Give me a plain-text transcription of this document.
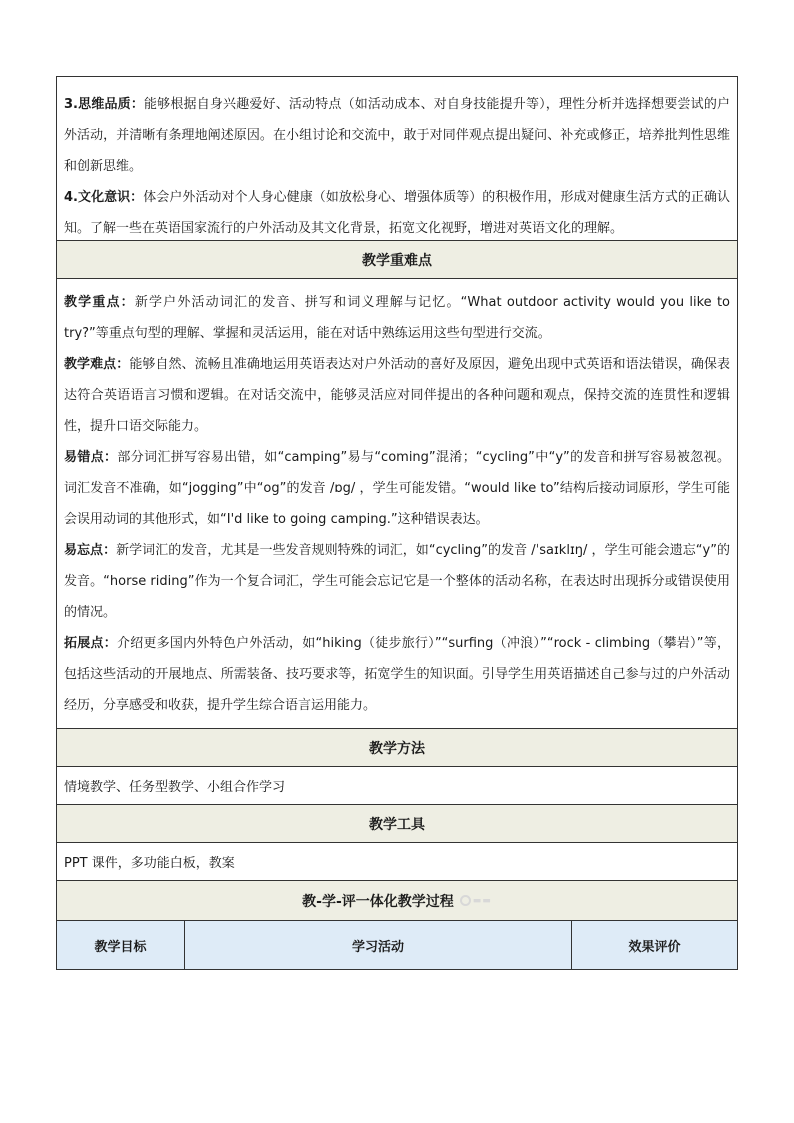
3.思维品质：能够根据自身兴趣爱好、活动特点（如活动成本、对自身技能提升等），理性分析并选择想要尝试的户外活动，并清晰有条理地阐述原因。在小组讨论和交流中，敢于对同伴观点提出疑问、补充或修正，培养批判性思维和创新思维。

4.文化意识：体会户外活动对个人身心健康（如放松身心、增强体质等）的积极作用，形成对健康生活方式的正确认知。了解一些在英语国家流行的户外活动及其文化背景，拓宽文化视野，增进对英语文化的理解。

教学重难点

教学重点：新学户外活动词汇的发音、拼写和词义理解与记忆。“What outdoor activity would you like to try?”等重点句型的理解、掌握和灵活运用，能在对话中熟练运用这些句型进行交流。

教学难点：能够自然、流畅且准确地运用英语表达对户外活动的喜好及原因，避免出现中式英语和语法错误，确保表达符合英语语言习惯和逻辑。在对话交流中，能够灵活应对同伴提出的各种问题和观点，保持交流的连贯性和逻辑性，提升口语交际能力。

易错点：部分词汇拼写容易出错，如“camping”易与“coming”混淆；“cycling”中“y”的发音和拼写容易被忽视。词汇发音不准确，如“jogging”中“og”的发音 /ɒg/ ，学生可能发错。“would like to”结构后接动词原形，学生可能会误用动词的其他形式，如“I'd like to going camping.”这种错误表达。

易忘点：新学词汇的发音，尤其是一些发音规则特殊的词汇，如“cycling”的发音 /ˈsaɪklɪŋ/ ，学生可能会遗忘“y”的发音。“horse riding”作为一个复合词汇，学生可能会忘记它是一个整体的活动名称，在表达时出现拆分或错误使用的情况。

拓展点：介绍更多国内外特色户外活动，如“hiking（徒步旅行）”“surfing（冲浪）”“rock - climbing（攀岩）”等，包括这些活动的开展地点、所需装备、技巧要求等，拓宽学生的知识面。引导学生用英语描述自己参与过的户外活动经历，分享感受和收获，提升学生综合语言运用能力。

教学方法
情境教学、任务型教学、小组合作学习
教学工具
PPT 课件，多功能白板，教案
教-学-评一体化教学过程	▬▬
教学目标	学习活动	效果评价
